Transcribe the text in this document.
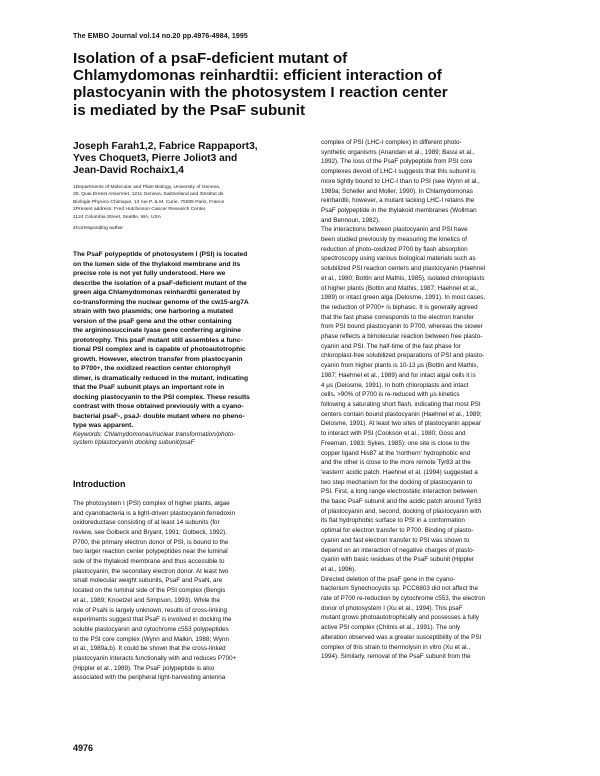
The EMBO Journal vol.14 no.20 pp.4976-4984, 1995
Isolation of a psaF-deficient mutant of
Chlamydomonas reinhardtii: efficient interaction of
plastocyanin with the photosystem I reaction center
is mediated by the PsaF subunit
Joseph Farah1,2, Fabrice Rappaport3,
Yves Choquet3, Pierre Joliot3 and
Jean-David Rochaix1,4
1Departments of Molecular and Plant Biology, University of Geneva,
30, Quai Ernest Ansermet, 1211 Geneva, Switzerland and 3Institut de
Biologie Physico-Chimique, 13 rue P. & M. Curie, 75005 Paris, France
2Present address: Fred Hutchinson Cancer Research Center,
1124 Columbia Street, Seattle, WA, USA
4Corresponding author
The PsaF polypeptide of photosystem I (PSI) is located
on the lumen side of the thylakoid membrane and its
precise role is not yet fully understood. Here we
describe the isolation of a psaF-deficient mutant of the
green alga Chlamydomonas reinhardtii generated by
co-transforming the nuclear genome of the cw15-arg7A
strain with two plasmids; one harboring a mutated
version of the psaF gene and the other containing
the argininosuccinate lyase gene conferring arginine
prototrophy. This psaF mutant still assembles a func-
tional PSI complex and is capable of photoautotrophic
growth. However, electron transfer from plastocyanin
to P700+, the oxidized reaction center chlorophyll
dimer, is dramatically reduced in the mutant, indicating
that the PsaF subunit plays an important role in
docking plastocyanin to the PSI complex. These results
contrast with those obtained previously with a cyano-
bacterial psaF-, psaJ- double mutant where no pheno-
type was apparent.
Keywords: Chlamydomonas/nuclear transformation/photo-
system I/plastocyanin docking subunit/psaF
Introduction
The photosystem I (PSI) complex of higher plants, algae
and cyanobacteria is a light-driven plastocyanin:ferredoxin
oxidoreductase consisting of at least 14 subunits (for
review, see Golbeck and Bryant, 1991; Golbeck, 1992).
P700, the primary electron donor of PSI, is bound to the
two larger reaction center polypeptides near the luminal
side of the thylakoid membrane and thus accessible to
plastocyanin, the secondary electron donor. At least two
small molecular weight subunits, PsaF and PsaN, are
located on the luminal side of the PSI complex (Bengis
et al., 1989; Knoetzel and Simpson, 1993). While the
role of PsaN is largely unknown, results of cross-linking
experiments suggest that PsaF is involved in docking the
soluble plastocyanin and cytochrome c553 polypeptides
to the PSI core complex (Wynn and Malkin, 1988; Wynn
et al., 1989a,b). It could be shown that the cross-linked
plastocyanin interacts functionally with and reduces P700+
(Hippler et al., 1989). The PsaF polypeptide is also
associated with the peripheral light-harvesting antenna
complex of PSI (LHC-I complex) in different photo-
synthetic organisms (Anandan et al., 1989; Bassi et al.,
1992). The loss of the PsaF polypeptide from PSI core
complexes devoid of LHC-I suggests that this subunit is
more tightly bound to LHC-I than to PSI (see Wynn et al.,
1989a; Scheller and Moller, 1990). In Chlamydomonas
reinhardtii, however, a mutant lacking LHC-I retains the
PsaF polypeptide in the thylakoid membranes (Wollman
and Bennoun, 1982).
The interactions between plastocyanin and PSI have
been studied previously by measuring the kinetics of
reduction of photo-oxidized P700 by flash absorption
spectroscopy using various biological materials such as
solubilized PSI reaction centers and plastocyanin (Haehnel
et al., 1980; Bottin and Mathis, 1985), isolated chloroplasts
of higher plants (Bottin and Mathis, 1987; Haehnel et al.,
1989) or intact green alga (Delosme, 1991). In most cases,
the reduction of P700+ is biphasic. It is generally agreed
that the fast phase corresponds to the electron transfer
from PSI bound plastocyanin to P700, whereas the slower
phase reflects a bimolecular reaction between free plasto-
cyanin and PSI. The half-time of the fast phase for
chloroplast-free solubilized preparations of PSI and plasto-
cyanin from higher plants is 10-13 µs (Bottin and Mathis,
1987; Haehnel et al., 1989) and for intact algal cells it is
4 µs (Delosme, 1991). In both chloroplasts and intact
cells, >90% of P700 is re-reduced with µs kinetics
following a saturating short flash, indicating that most PSI
centers contain bound plastocyanin (Haehnel et al., 1989;
Delosme, 1991). At least two sites of plastocyanin appear
to interact with PSI (Cookson et al., 1980; Goss and
Freeman, 1983; Sykes, 1985): one site is close to the
copper ligand His87 at the 'northern' hydrophobic end
and the other is close to the more remote Tyr83 at the
'eastern' acidic patch. Haehnel et al. (1994) suggested a
two step mechanism for the docking of plastocyanin to
PSI. First, a long range electrostatic interaction between
the basic PsaF subunit and the acidic patch around Tyr83
of plastocyanin and, second, docking of plastocyanin with
its flat hydrophobic surface to PSI in a conformation
optimal for electron transfer to P700. Binding of plasto-
cyanin and fast electron transfer to PSI was shown to
depend on an interaction of negative charges of plasto-
cyanin with basic residues of the PsaF subunit (Hippler
et al., 1996).
Directed deletion of the psaF gene in the cyano-
bacterium Synechocystis sp. PCC6803 did not affect the
rate of P700 re-reduction by cytochrome c553, the electron
donor of photosystem I (Xu et al., 1994). This psaF
mutant grows photoautotrophically and possesses a fully
active PSI complex (Chitnis et al., 1991). The only
alteration observed was a greater susceptibility of the PSI
complex of this strain to thermolysin in vitro (Xu et al.,
1994). Similarly, removal of the PsaF subunit from the
4976
